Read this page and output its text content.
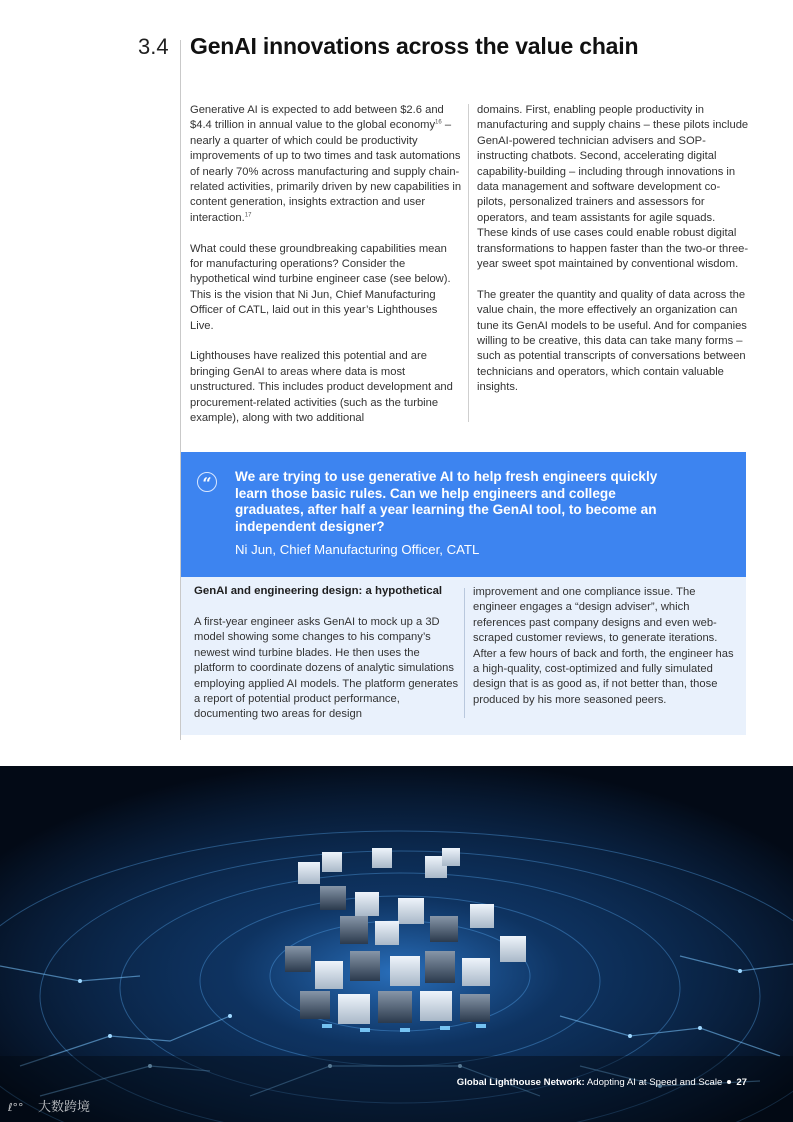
3.4 GenAI innovations across the value chain

Generative AI is expected to add between $2.6 and $4.4 trillion in annual value to the global economy$^{16}$ – nearly a quarter of which could be productivity improvements of up to two times and task automations of nearly 70% across manufacturing and supply chain-related activities, primarily driven by new capabilities in content generation, insights extraction and user interaction.$^{17}$

What could these groundbreaking capabilities mean for manufacturing operations? Consider the hypothetical wind turbine engineer case (see below). This is the vision that Ni Jun, Chief Manufacturing Officer of CATL, laid out in this year’s Lighthouses Live.

Lighthouses have realized this potential and are bringing GenAI to areas where data is most unstructured. This includes product development and procurement-related activities (such as the turbine example), along with two additional

domains. First, enabling people productivity in manufacturing and supply chains – these pilots include GenAI-powered technician advisers and SOP-instructing chatbots. Second, accelerating digital capability-building – including through innovations in data management and software development co-pilots, personalized trainers and assessors for operators, and team assistants for agile squads. These kinds of use cases could enable robust digital transformations to happen faster than the two-or three-year sweet spot maintained by conventional wisdom.

The greater the quantity and quality of data across the value chain, the more effectively an organization can tune its GenAI models to be useful. And for companies willing to be creative, this data can take many forms – such as potential transcripts of conversations between technicians and operators, which contain valuable insights.

“	We are trying to use generative AI to help fresh engineers quickly learn those basic rules. Can we help engineers and college graduates, after half a year learning the GenAI tool, to become an independent designer?
Ni Jun, Chief Manufacturing Officer, CATL
GenAI and engineering design: a hypothetical
A first-year engineer asks GenAI to mock up a 3D model showing some changes to his company’s newest wind turbine blades. He then uses the platform to coordinate dozens of analytic simulations employing applied AI models. The platform generates a report of potential product performance, documenting two areas for design
improvement and one compliance issue. The engineer engages a “design adviser”, which references past company designs and even web-scraped customer reviews, to generate iterations. After a few hours of back and forth, the engineer has a high-quality, cost-optimized and fully simulated design that is as good as, if not better than, those produced by his more seasoned peers.
Global Lighthouse Network: Adopting AI at Speed and Scale 27
ℓ°° 大数跨境
